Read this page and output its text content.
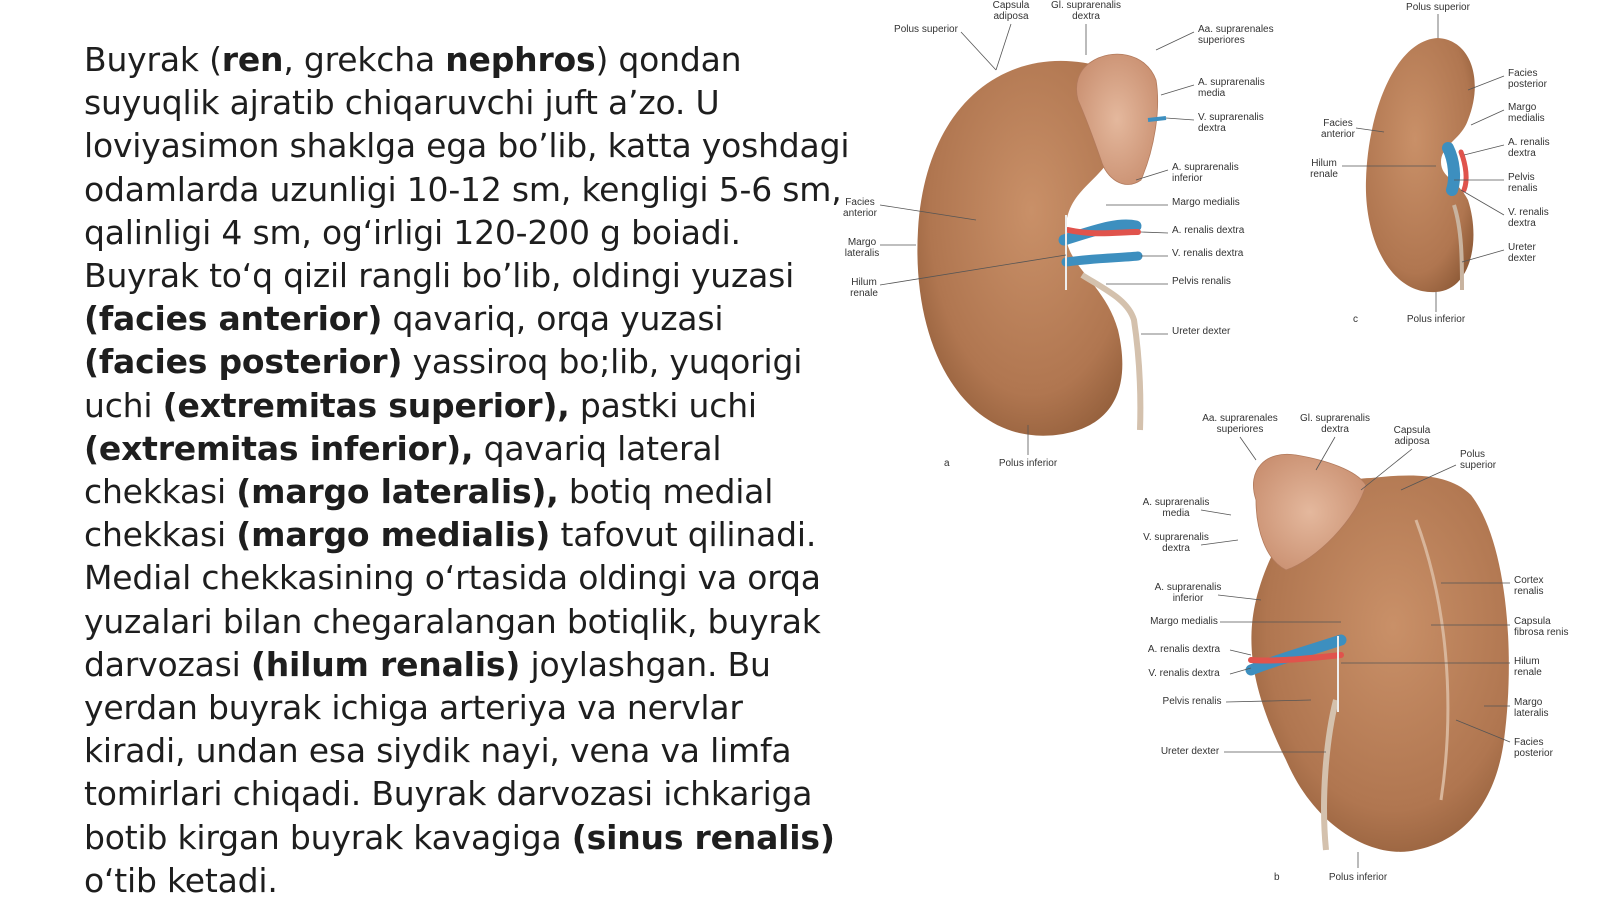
Buyrak (ren, grekcha nephros) qondan suyuqlik ajratib chiqaruvchi juft a’zo. U loviyasimon shaklga ega bo’lib, katta yoshdagi odamlarda uzunligi 10-12 sm, kengligi 5-6 sm, qalinligi 4 sm, og‘irligi 120-200 g boiadi. Buyrak to‘q qizil rangli bo’lib, oldingi yuzasi (facies anterior) qavariq, orqa yuzasi (facies posterior) yassiroq bo;lib, yuqorigi uchi (extremitas superior), pastki uchi (extremitas inferior), qavariq lateral chekkasi (margo lateralis), botiq medial chekkasi (margo medialis) tafovut qilinadi. Medial chekkasining o‘rtasida oldingi va orqa yuzalari bilan chegaralangan botiqlik, buyrak darvozasi (hilum renalis) joylashgan. Bu yerdan buyrak ichiga arteriya va nervlar kiradi, undan esa siydik nayi, vena va limfa tomirlari chiqadi. Buyrak darvozasi ichkariga botib kirgan buyrak kavagiga (sinus renalis) o‘tib ketadi.
Capsula adiposa
Gl. suprarenalis dextra
Polus superior	Aa. suprarenales superiores
A. suprarenalis media
V. suprarenalis dextra
A. suprarenalis inferior
Margo medialis
A. renalis dextra
V. renalis dextra
Pelvis renalis
Ureter dexter
Facies anterior
Margo lateralis
Hilum renale
Polus inferior
Polus superior
Facies posterior
Margo medialis
Facies anterior
A. renalis dextra
Hilum renale	Pelvis renalis
V. renalis dextra
Ureter dexter
Polus inferior
Aa. suprarenales superiores
Gl. suprarenalis dextra	Capsula adiposa
Polus superior
A. suprarenalis media
V. suprarenalis dextra
A. suprarenalis inferior
Margo medialis
A. renalis dextra
V. renalis dextra
Pelvis renalis
Ureter dexter
Cortex renalis
Capsula fibrosa renis
Hilum renale
Margo lateralis
Facies posterior
Polus inferior
a
c
b
